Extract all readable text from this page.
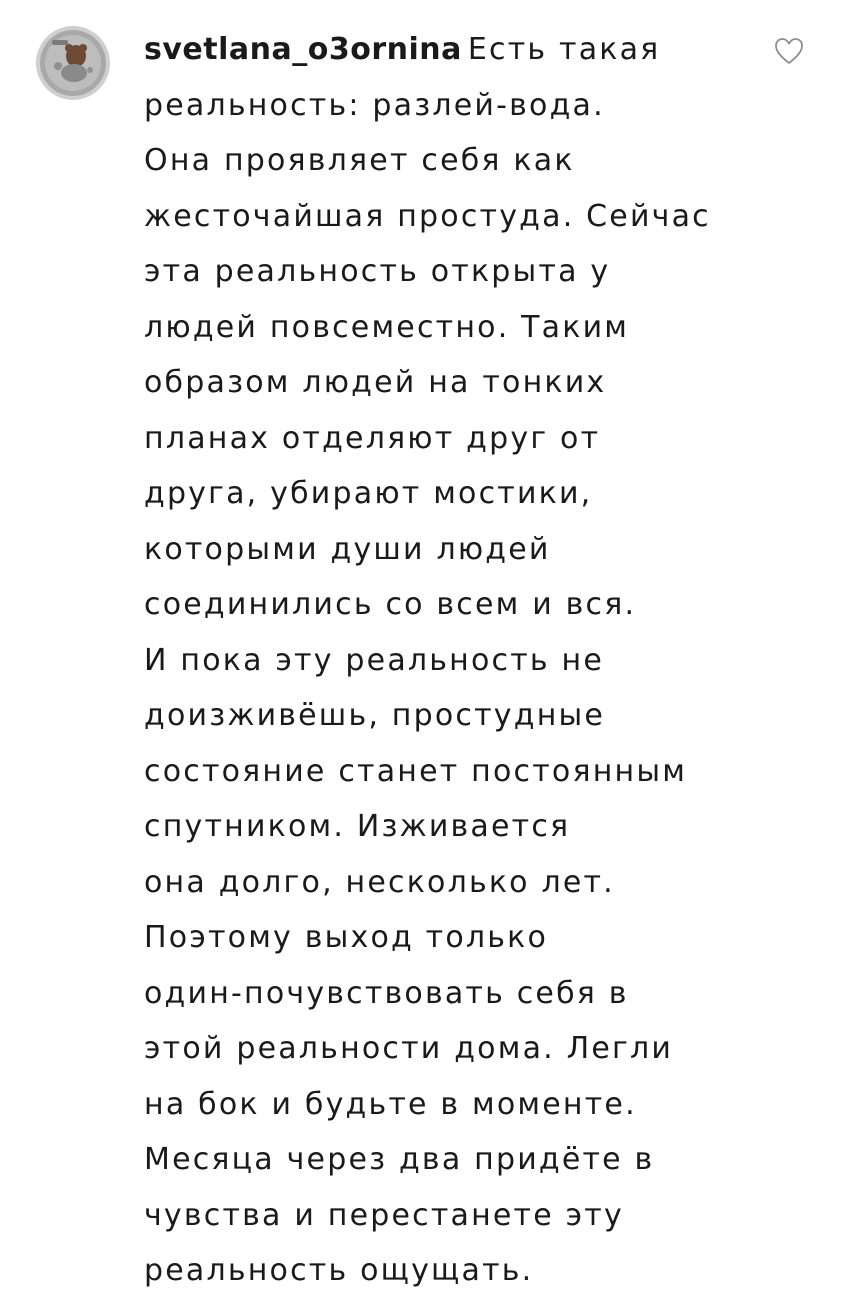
svetlana_o3ornina Есть такая
реальность: разлей-вода.
Она проявляет себя как
жесточайшая простуда. Сейчас
эта реальность открыта у
людей повсеместно. Таким
образом людей на тонких
планах отделяют друг от
друга, убирают мостики,
которыми души людей
соединились со всем и вся.
И пока эту реальность не
доизживёшь, простудные
состояние станет постоянным
спутником. Изживается
она долго, несколько лет.
Поэтому выход только
один-почувствовать себя в
этой реальности дома. Легли
на бок и будьте в моменте.
Месяца через два придёте в
чувства и перестанете эту
реальность ощущать.
